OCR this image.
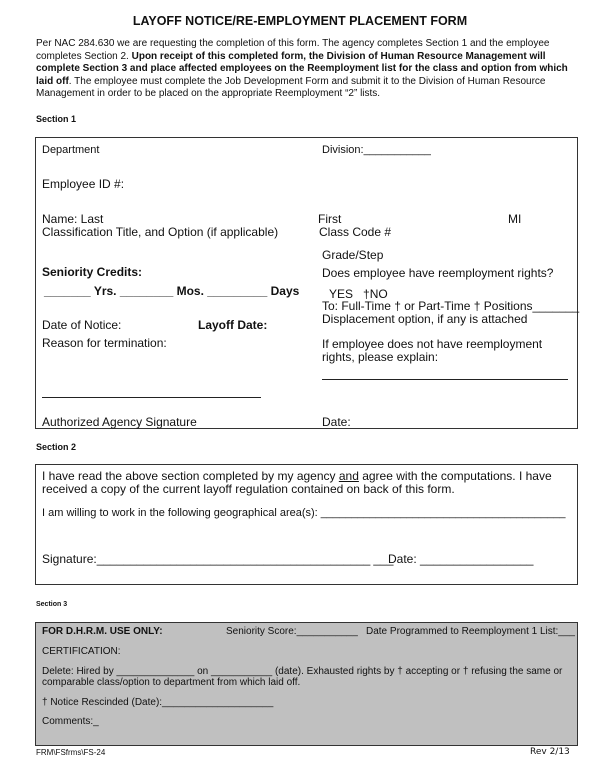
LAYOFF NOTICE/RE-EMPLOYMENT PLACEMENT FORM
Per NAC 284.630 we are requesting the completion of this form. The agency completes Section 1 and the employee completes Section 2. Upon receipt of this completed form, the Division of Human Resource Management will complete Section 3 and place affected employees on the Reemployment list for the class and option from which laid off. The employee must complete the Job Development Form and submit it to the Division of Human Resource Management in order to be placed on the appropriate Reemployment “2” lists.
Section 1
Department	Division:___________
Employee ID #:
Name: Last	First	MI
Classification Title, and Option (if applicable)	Class Code #
Grade/Step
Seniority Credits:	Does employee have reemployment rights?
_______ Yrs. ________ Mos. _________ Days YES †NO
To: Full-Time † or Part-Time † Positions_______
Displacement option, if any is attached
Date of Notice:	Layoff Date:
Reason for termination:	If employee does not have reemployment rights, please explain:
Authorized Agency Signature	Date:
Section 2
I have read the above section completed by my agency and agree with the computations. I have received a copy of the current layoff regulation contained on back of this form.
I am willing to work in the following geographical area(s): ________________________________________
Signature:_________________________________________ ___
Date: _________________
Section 3
FOR D.H.R.M. USE ONLY:	Seniority Score:___________ Date Programmed to Reemployment 1 List:___
CERTIFICATION:
Delete: Hired by ______________ on ___________ (date). Exhausted rights by † accepting or † refusing the same or comparable class/option to department from which laid off.
† Notice Rescinded (Date):____________________
Comments:_
FRM\FSfrms\FS-24	Rev 2/13
